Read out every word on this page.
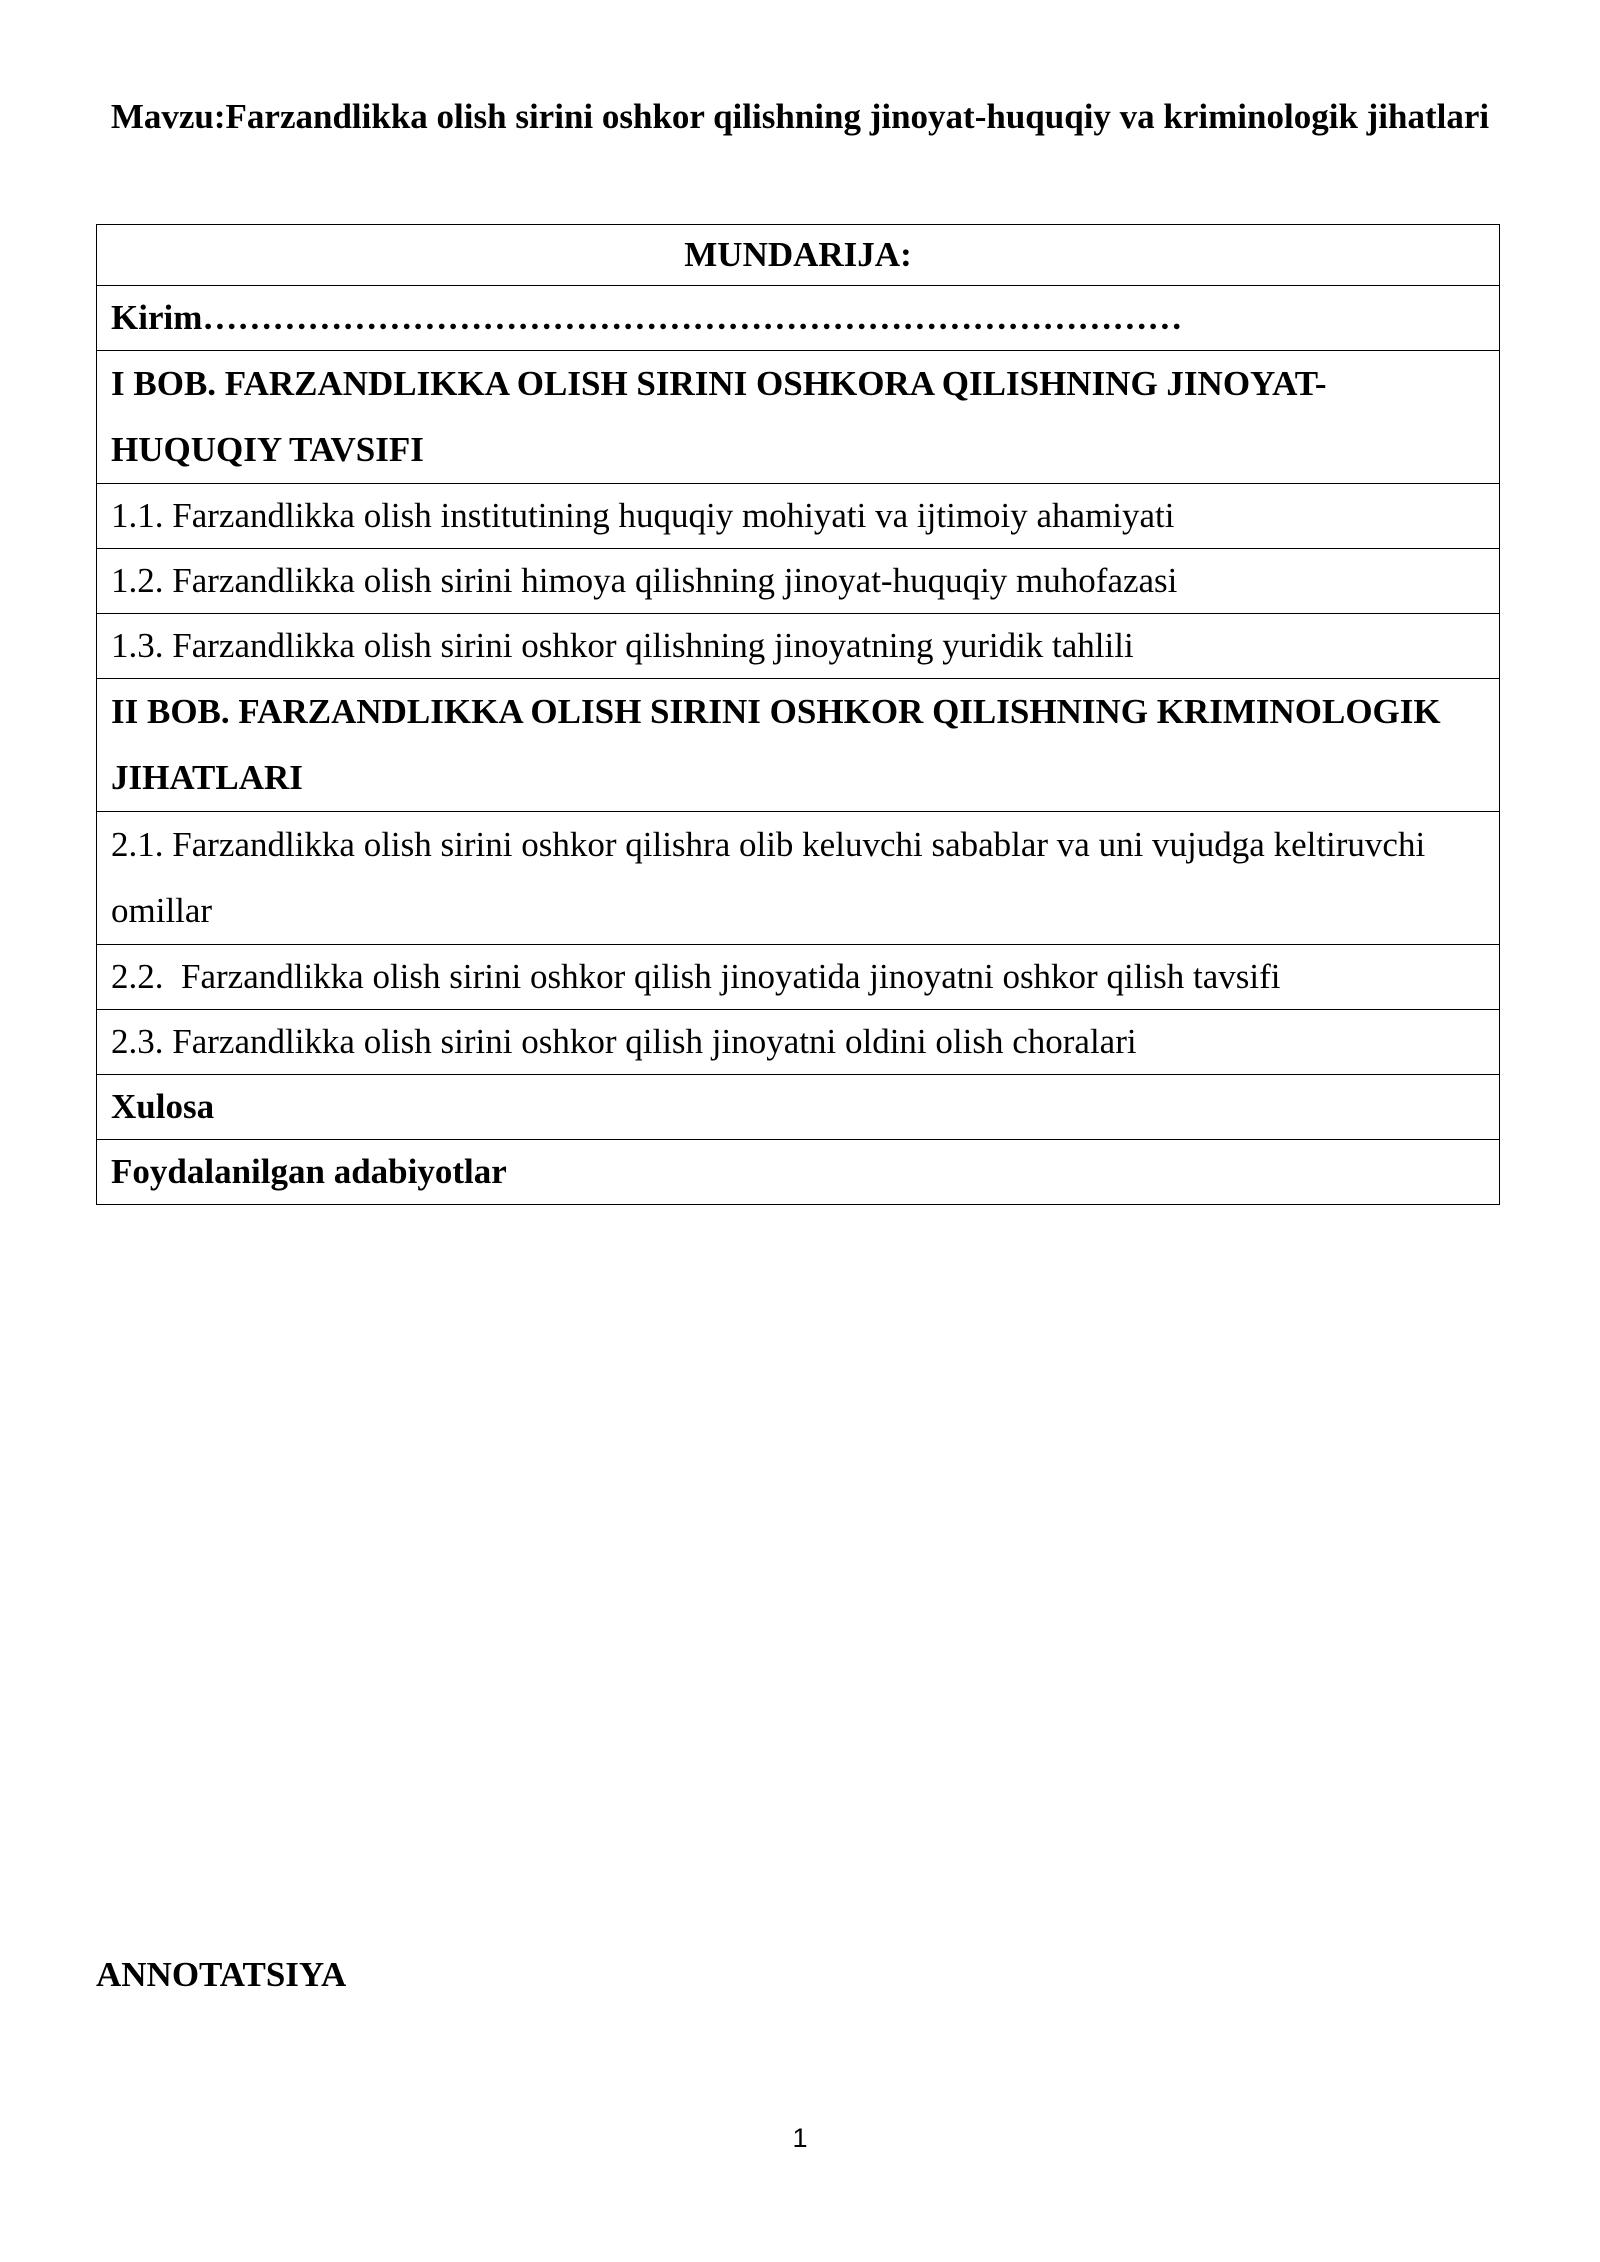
Mavzu:Farzandlikka olish sirini oshkor qilishning jinoyat-huquqiy va kriminologik jihatlari
MUNDARIJA:
Kirim…………………………………………………………………………
I BOB. FARZANDLIKKA OLISH SIRINI OSHKORA QILISHNING JINOYAT-HUQUQIY TAVSIFI
1.1. Farzandlikka olish institutining huquqiy mohiyati va ijtimoiy ahamiyati
1.2. Farzandlikka olish sirini himoya qilishning jinoyat-huquqiy muhofazasi
1.3. Farzandlikka olish sirini oshkor qilishning jinoyatning yuridik tahlili
II BOB. FARZANDLIKKA OLISH SIRINI OSHKOR QILISHNING KRIMINOLOGIK JIHATLARI
2.1. Farzandlikka olish sirini oshkor qilishra olib keluvchi sabablar va uni vujudga keltiruvchi omillar
2.2.  Farzandlikka olish sirini oshkor qilish jinoyatida jinoyatni oshkor qilish tavsifi
2.3. Farzandlikka olish sirini oshkor qilish jinoyatni oldini olish choralari
Xulosa
Foydalanilgan adabiyotlar
ANNOTATSIYA
1
